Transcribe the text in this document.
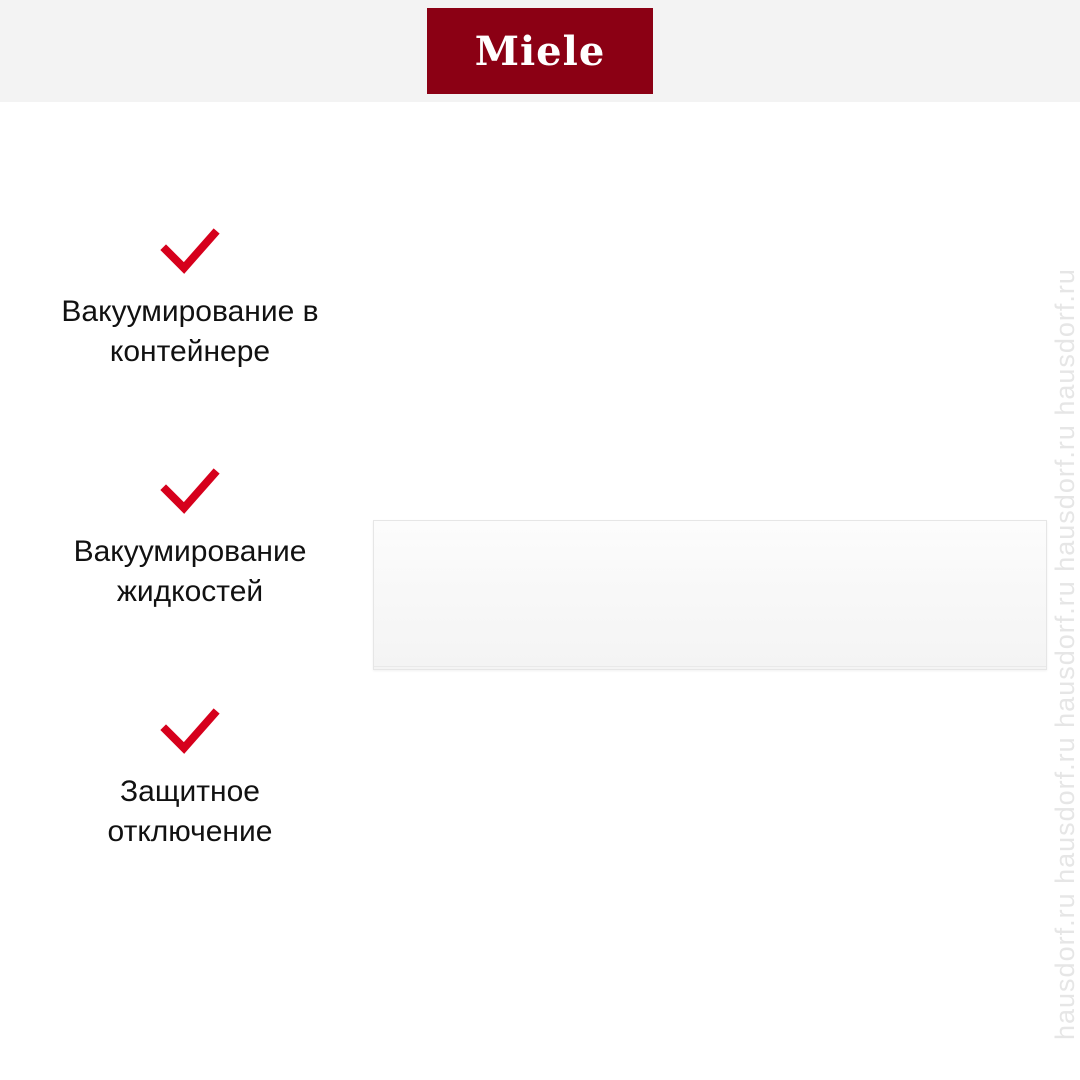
Miele
Вакуумирование в
контейнере
Вакуумирование
жидкостей
Защитное
отключение	hausdorf.ru hausdorf.ru hausdorf.ru hausdorf.ru hausdorf.ru
